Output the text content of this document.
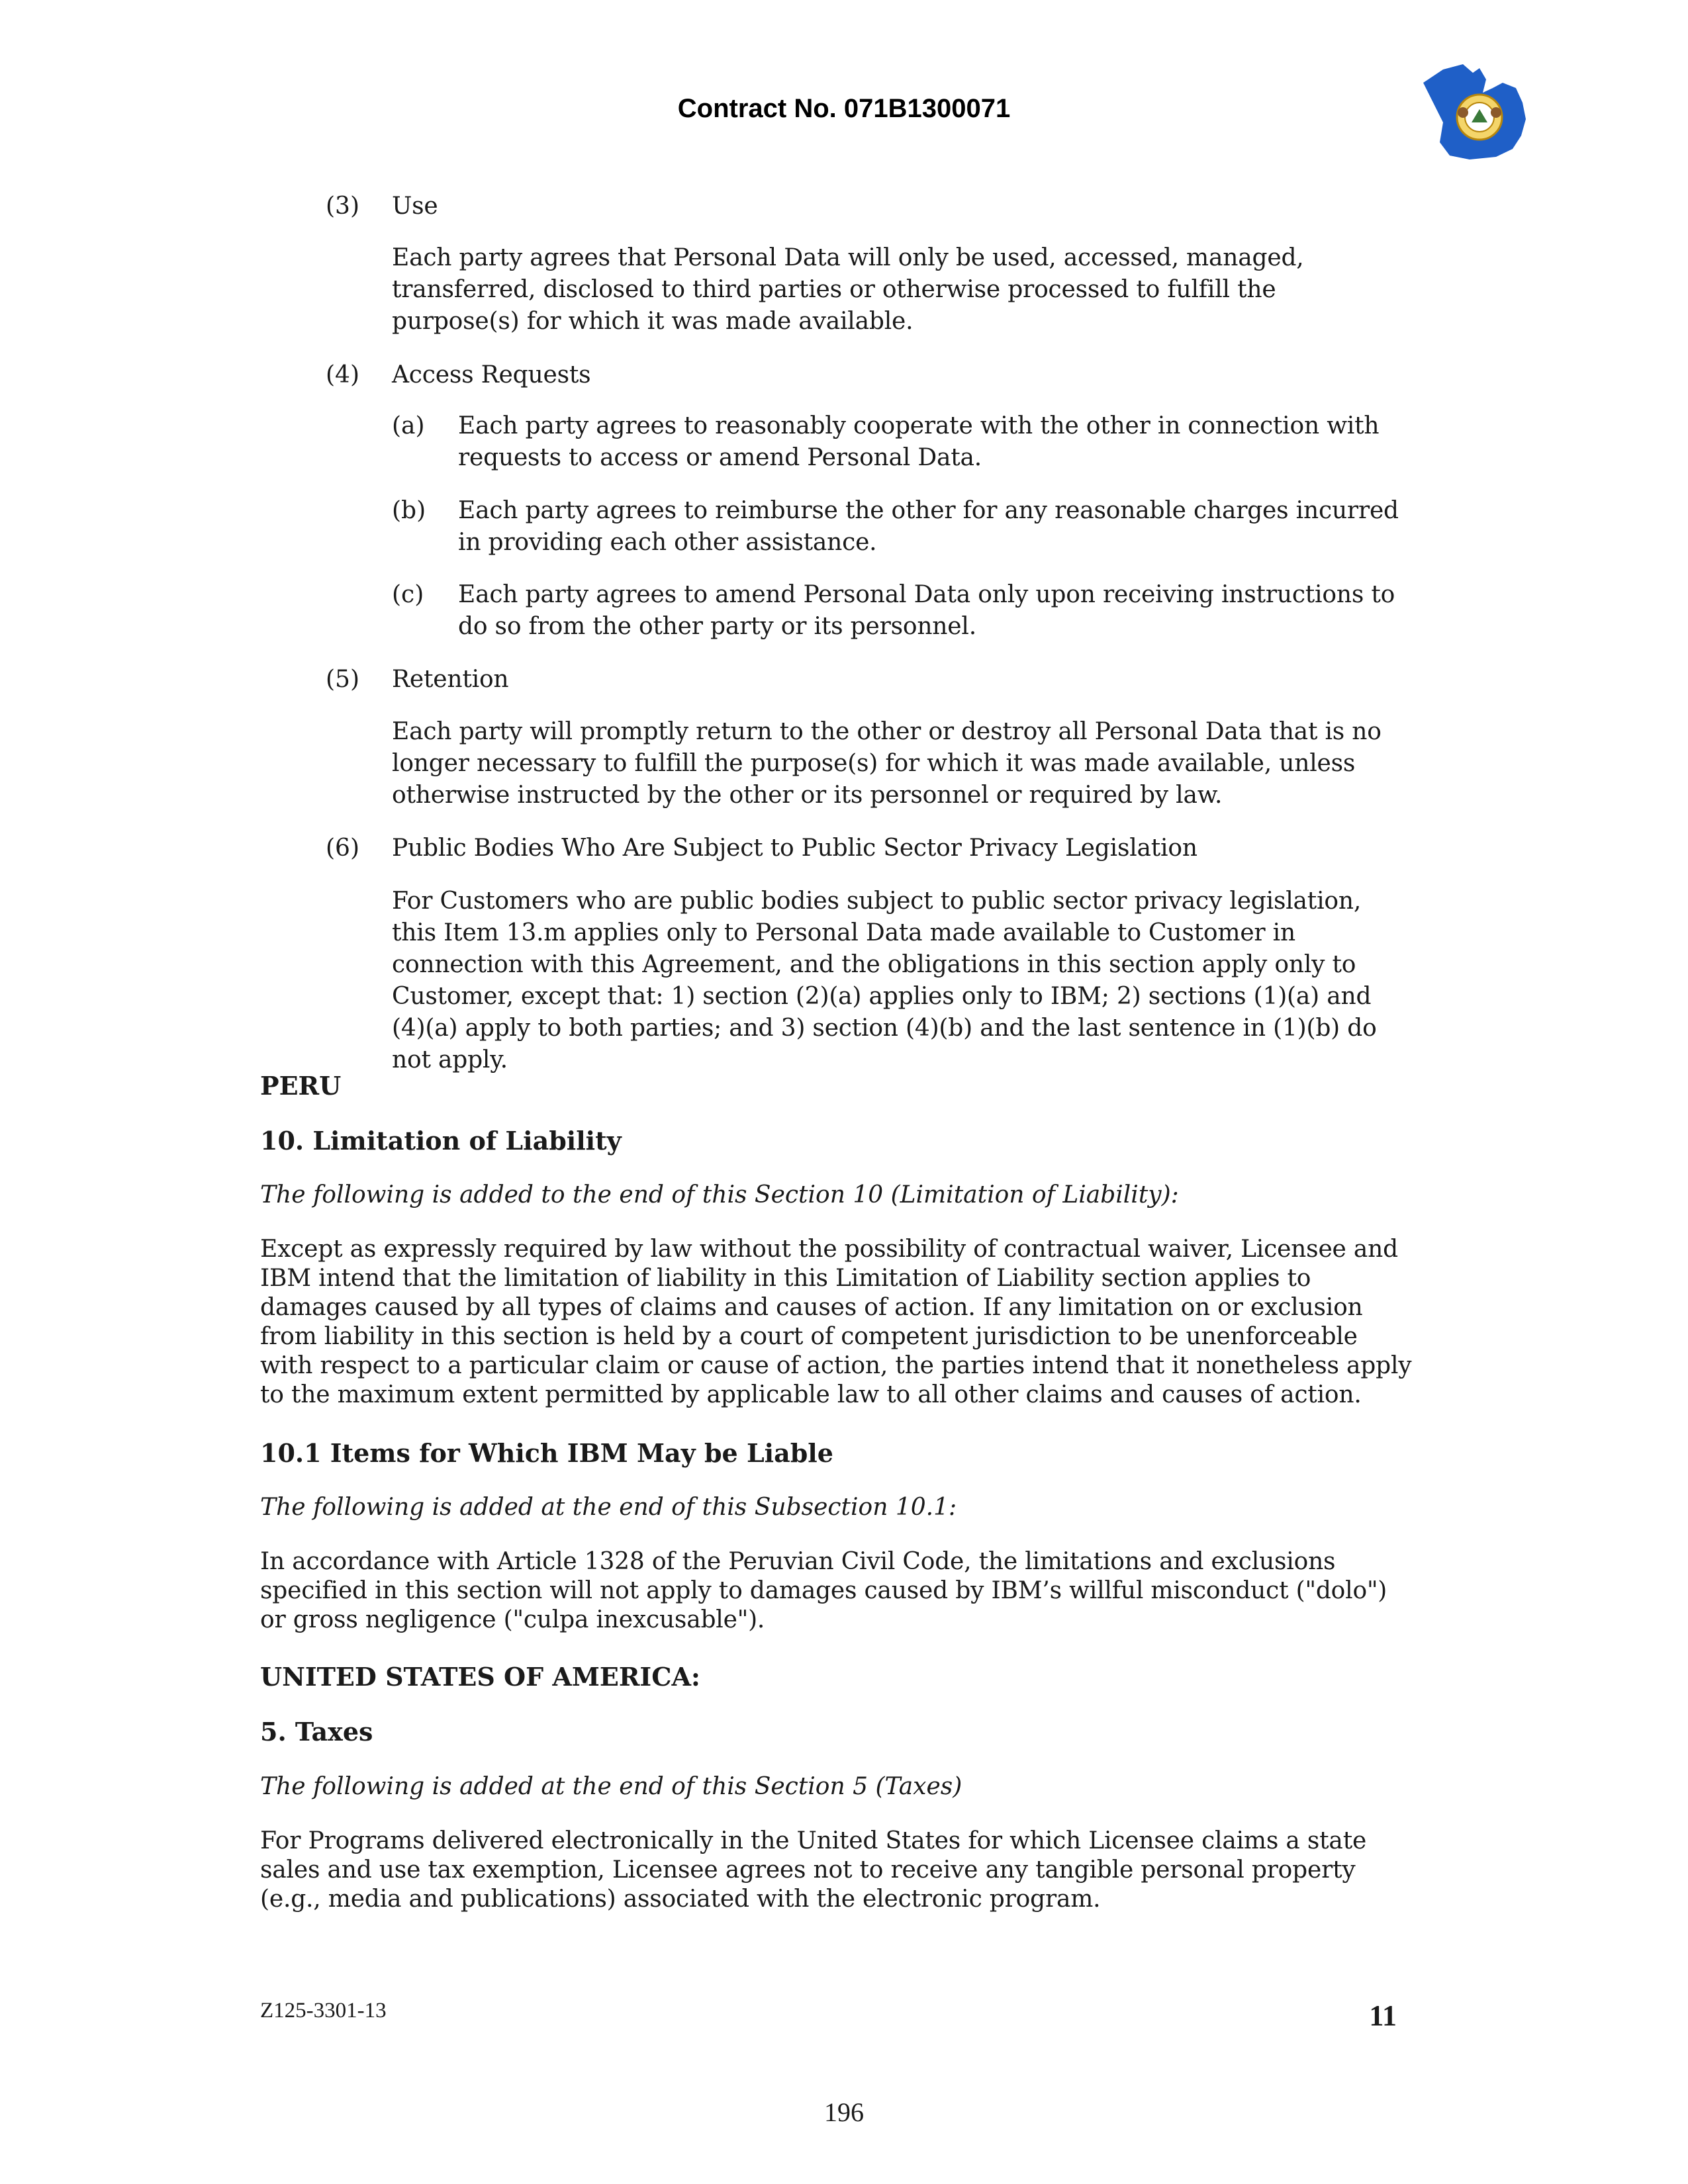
Contract No. 071B1300071
(3) Use
Each party agrees that Personal Data will only be used, accessed, managed, transferred, disclosed to third parties or otherwise processed to fulfill the purpose(s) for which it was made available.
(4) Access Requests
(a) Each party agrees to reasonably cooperate with the other in connection with requests to access or amend Personal Data.
(b) Each party agrees to reimburse the other for any reasonable charges incurred in providing each other assistance.
(c) Each party agrees to amend Personal Data only upon receiving instructions to do so from the other party or its personnel.
(5) Retention
Each party will promptly return to the other or destroy all Personal Data that is no longer necessary to fulfill the purpose(s) for which it was made available, unless otherwise instructed by the other or its personnel or required by law.
(6) Public Bodies Who Are Subject to Public Sector Privacy Legislation
For Customers who are public bodies subject to public sector privacy legislation, this Item 13.m applies only to Personal Data made available to Customer in connection with this Agreement, and the obligations in this section apply only to Customer, except that: 1) section (2)(a) applies only to IBM; 2) sections (1)(a) and (4)(a) apply to both parties; and 3) section (4)(b) and the last sentence in (1)(b) do not apply.
PERU
10. Limitation of Liability
The following is added to the end of this Section 10 (Limitation of Liability):
Except as expressly required by law without the possibility of contractual waiver, Licensee and IBM intend that the limitation of liability in this Limitation of Liability section applies to damages caused by all types of claims and causes of action. If any limitation on or exclusion from liability in this section is held by a court of competent jurisdiction to be unenforceable with respect to a particular claim or cause of action, the parties intend that it nonetheless apply to the maximum extent permitted by applicable law to all other claims and causes of action.
10.1 Items for Which IBM May be Liable
The following is added at the end of this Subsection 10.1:
In accordance with Article 1328 of the Peruvian Civil Code, the limitations and exclusions specified in this section will not apply to damages caused by IBM’s willful misconduct ("dolo") or gross negligence ("culpa inexcusable").
UNITED STATES OF AMERICA:
5. Taxes
The following is added at the end of this Section 5 (Taxes)
For Programs delivered electronically in the United States for which Licensee claims a state sales and use tax exemption, Licensee agrees not to receive any tangible personal property (e.g., media and publications) associated with the electronic program.
Z125-3301-13	11
196
